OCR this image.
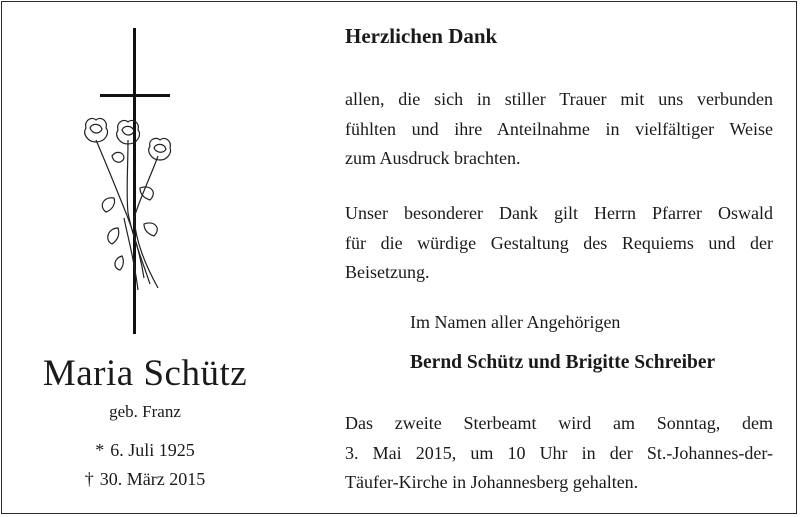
Maria Schütz
geb. Franz
* 6. Juli 1925
† 30. März 2015
Herzlichen Dank
allen, die sich in stiller Trauer mit uns verbunden
fühlten und ihre Anteilnahme in vielfältiger Weise
zum Ausdruck brachten.
Unser besonderer Dank gilt Herrn Pfarrer Oswald
für die würdige Gestaltung des Requiems und der
Beisetzung.
Im Namen aller Angehörigen
Bernd Schütz und Brigitte Schreiber
Das zweite Sterbeamt wird am Sonntag, dem
3. Mai 2015, um 10 Uhr in der St.-Johannes-der-
Täufer-Kirche in Johannesberg gehalten.
